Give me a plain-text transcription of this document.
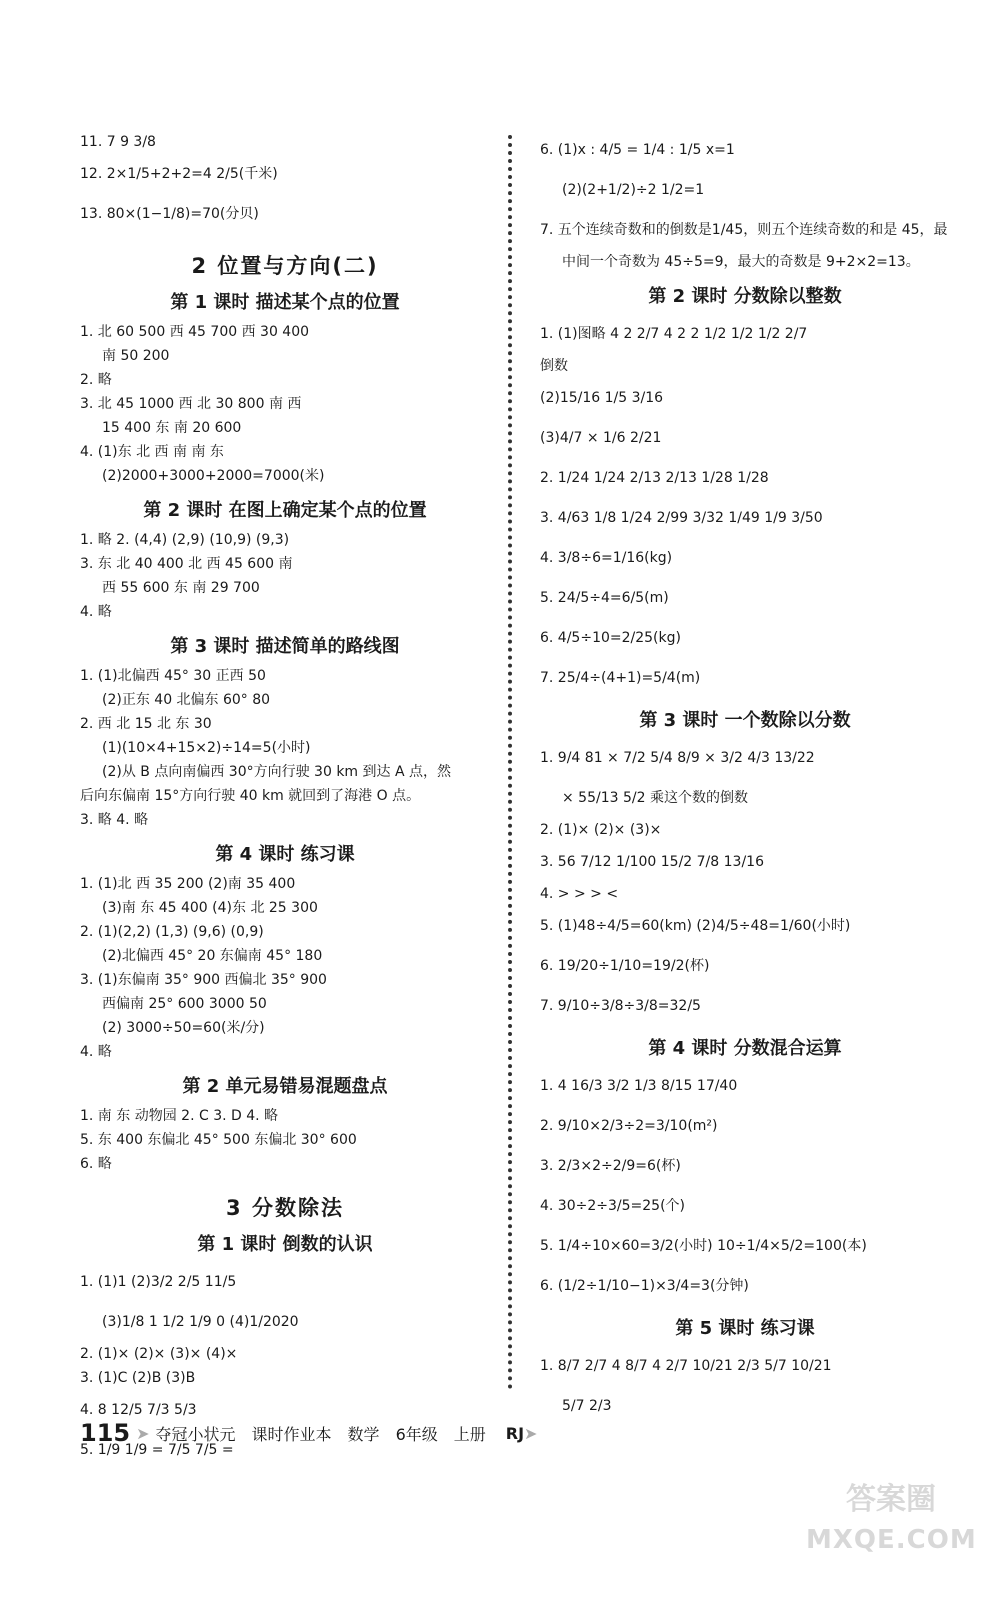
11. 7 9 3/8

12. 2×1/5+2+2=4 2/5(千米)

13. 80×(1−1/8)=70(分贝)

2 位置与方向(二)
第 1 课时 描述某个点的位置

1. 北 60 500 西 45 700 西 30 400

南 50 200

2. 略

3. 北 45 1000 西 北 30 800 南 西

15 400 东 南 20 600

4. (1)东 北 西 南 南 东

(2)2000+3000+2000=7000(米)

第 2 课时 在图上确定某个点的位置

1. 略 2. (4,4) (2,9) (10,9) (9,3)

3. 东 北 40 400 北 西 45 600 南

西 55 600 东 南 29 700

4. 略

第 3 课时 描述简单的路线图

1. (1)北偏西 45° 30 正西 50

(2)正东 40 北偏东 60° 80

2. 西 北 15 北 东 30

(1)(10×4+15×2)÷14=5(小时)

(2)从 B 点向南偏西 30°方向行驶 30 km 到达 A 点，然

后向东偏南 15°方向行驶 40 km 就回到了海港 O 点。

3. 略 4. 略

第 4 课时 练习课

1. (1)北 西 35 200 (2)南 35 400

(3)南 东 45 400 (4)东 北 25 300

2. (1)(2,2) (1,3) (9,6) (0,9)

(2)北偏西 45° 20 东偏南 45° 180

3. (1)东偏南 35° 900 西偏北 35° 900

西偏南 25° 600 3000 50

(2) 3000÷50=60(米/分)

4. 略

第 2 单元易错易混题盘点

1. 南 东 动物园 2. C 3. D 4. 略

5. 东 400 东偏北 45° 500 东偏北 30° 600

6. 略

3 分数除法
第 1 课时 倒数的认识

1. (1)1 (2)3/2 2/5 11/5

(3)1/8 1 1/2 1/9 0 (4)1/2020

2. (1)× (2)× (3)× (4)×

3. (1)C (2)B (3)B

4. 8 12/5 7/3 5/3

5. 1/9 1/9 = 7/5 7/5 =

6. (1)x : 4/5 = 1/4 : 1/5 x=1

(2)(2+1/2)÷2 1/2=1

7. 五个连续奇数和的倒数是1/45，则五个连续奇数的和是 45，最

中间一个奇数为 45÷5=9，最大的奇数是 9+2×2=13。

第 2 课时 分数除以整数

1. (1)图略 4 2 2/7 4 2 2 1/2 1/2 1/2 2/7

倒数

(2)15/16 1/5 3/16

(3)4/7 × 1/6 2/21

2. 1/24 1/24 2/13 2/13 1/28 1/28

3. 4/63 1/8 1/24 2/99 3/32 1/49 1/9 3/50

4. 3/8÷6=1/16(kg)

5. 24/5÷4=6/5(m)

6. 4/5÷10=2/25(kg)

7. 25/4÷(4+1)=5/4(m)

第 3 课时 一个数除以分数

1. 9/4 81 × 7/2 5/4 8/9 × 3/2 4/3 13/22

× 55/13 5/2 乘这个数的倒数

2. (1)× (2)× (3)×

3. 56 7/12 1/100 15/2 7/8 13/16

4. > > > <

5. (1)48÷4/5=60(km) (2)4/5÷48=1/60(小时)

6. 19/20÷1/10=19/2(杯)

7. 9/10÷3/8÷3/8=32/5

第 4 课时 分数混合运算

1. 4 16/3 3/2 1/3 8/15 17/40

2. 9/10×2/3÷2=3/10(m²)

3. 2/3×2÷2/9=6(杯)

4. 30÷2÷3/5=25(个)

5. 1/4÷10×60=3/2(小时) 10÷1/4×5/2=100(本)

6. (1/2÷1/10−1)×3/4=3(分钟)

第 5 课时 练习课

1. 8/7 2/7 4 8/7 4 2/7 10/21 2/3 5/7 10/21

5/7 2/3

115 ➤ 夺冠小状元 课时作业本 数学 6年级 上册 RJ ➤
答案圈
MXQE.COM
